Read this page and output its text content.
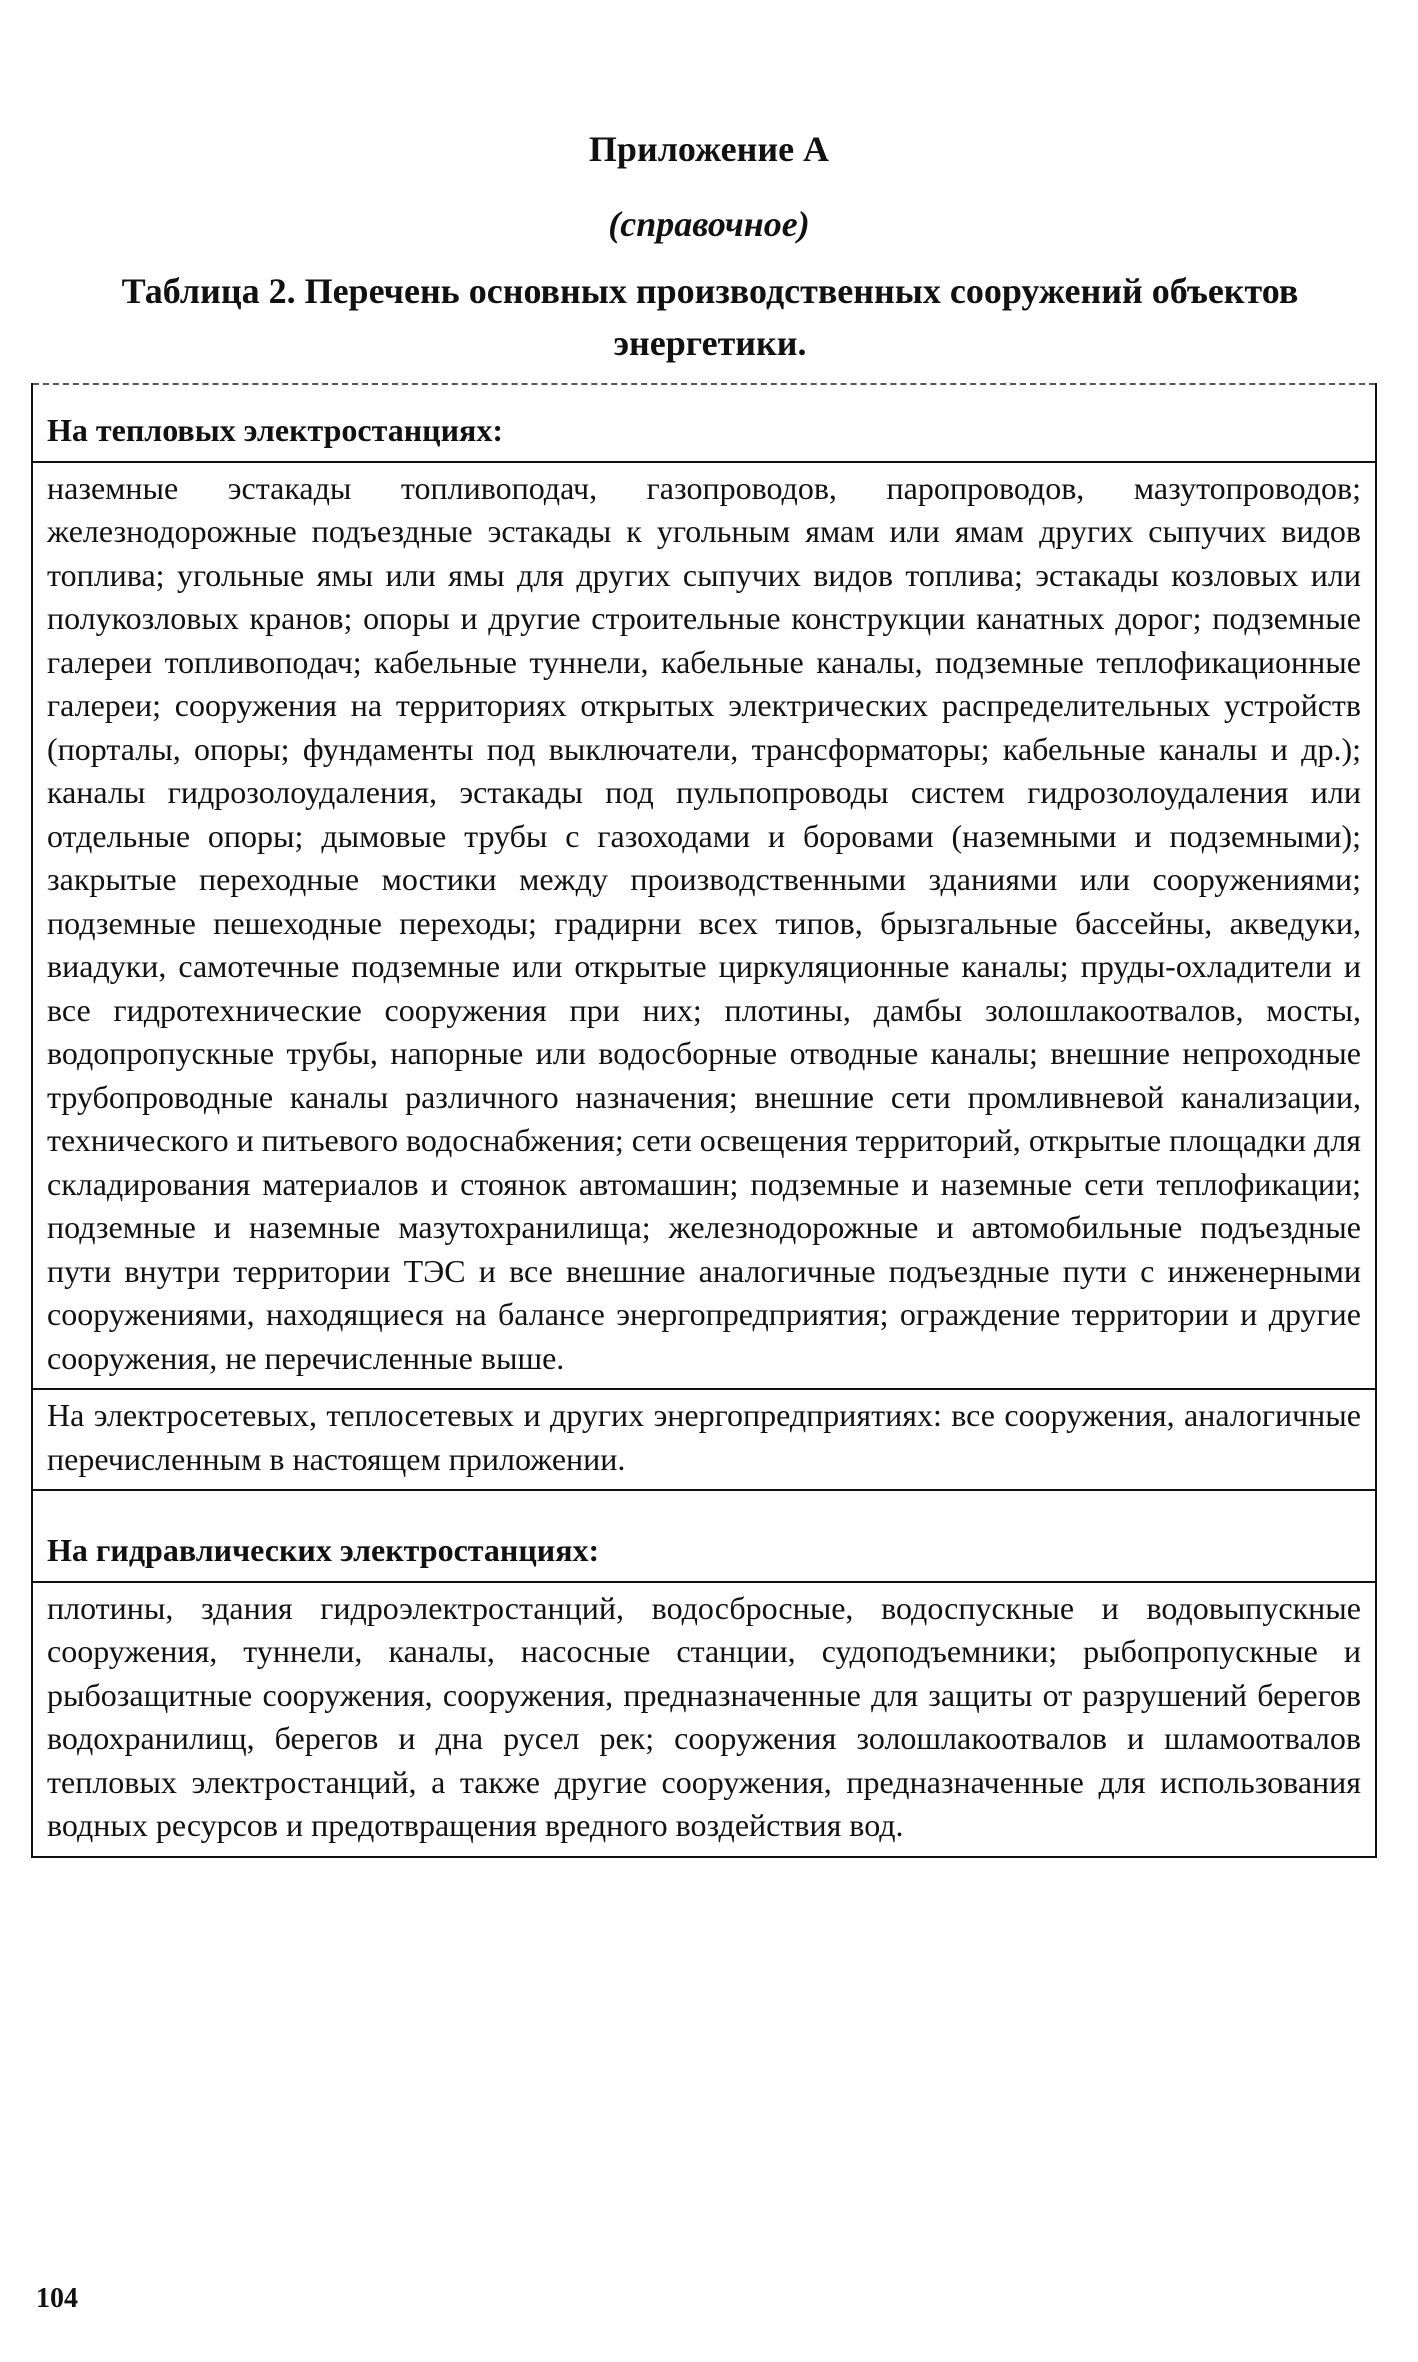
Приложение А
(справочное)
Таблица 2. Перечень основных производственных сооружений объектов энергетики.
На тепловых электростанциях:
наземные эстакады топливоподач, газопроводов, паропроводов, мазутопроводов; железнодорожные подъездные эстакады к угольным ямам или ямам других сыпучих видов топлива; угольные ямы или ямы для других сыпучих видов топлива; эстакады козловых или полукозловых кранов; опоры и другие строительные конструкции канатных дорог; подземные галереи топливоподач; кабельные туннели, кабельные каналы, подземные теплофикационные галереи; сооружения на территориях открытых электрических распределительных устройств (порталы, опоры; фундаменты под выключатели, трансформаторы; кабельные каналы и др.); каналы гидрозолоудаления, эстакады под пульпопроводы систем гидрозолоудаления или отдельные опоры; дымовые трубы с газоходами и боровами (наземными и подземными); закрытые переходные мостики между производственными зданиями или сооружениями; подземные пешеходные переходы; градирни всех типов, брызгальные бассейны, акведуки, виадуки, самотечные подземные или открытые циркуляционные каналы; пруды-охладители и все гидротехнические сооружения при них; плотины, дамбы золошлакоотвалов, мосты, водопропускные трубы, напорные или водосборные отводные каналы; внешние непроходные трубопроводные каналы различного назначения; внешние сети промливневой канализации, технического и питьевого водоснабжения; сети освещения территорий, открытые площадки для складирования материалов и стоянок автомашин; подземные и наземные сети теплофикации; подземные и наземные мазутохранилища; железнодорожные и автомобильные подъездные пути внутри территории ТЭС и все внешние аналогичные подъездные пути с инженерными сооружениями, находящиеся на балансе энергопредприятия; ограждение территории и другие сооружения, не перечисленные выше.
На электросетевых, теплосетевых и других энергопредприятиях: все сооружения, аналогичные перечисленным в настоящем приложении.
На гидравлических электростанциях:
плотины, здания гидроэлектростанций, водосбросные, водоспускные и водовыпускные сооружения, туннели, каналы, насосные станции, судоподъемники; рыбопропускные и рыбозащитные сооружения, сооружения, предназначенные для защиты от разрушений берегов водохранилищ, берегов и дна русел рек; сооружения золошлакоотвалов и шламоотвалов тепловых электростанций, а также другие сооружения, предназначенные для использования водных ресурсов и предотвращения вредного воздействия вод.
104
